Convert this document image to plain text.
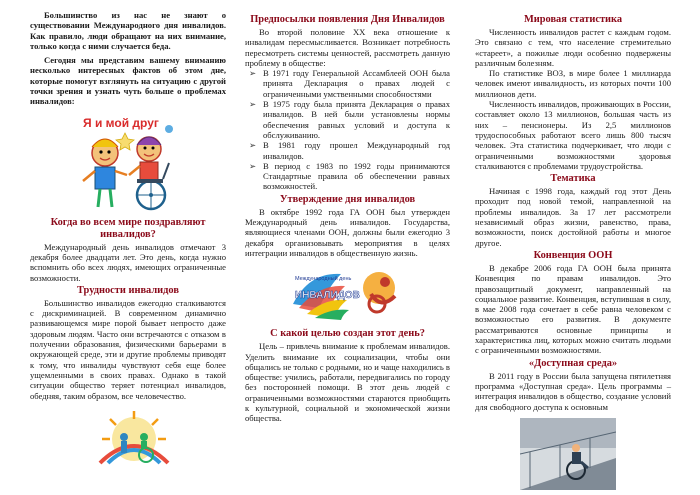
Большинство из нас не знают о существовании Международного дня инвалидов. Как правило, люди обращают на них внимание, только когда с ними случается беда.

Сегодня мы представим вашему вниманию несколько интересных фактов об этом дне, которые помогут взглянуть на ситуацию с другой точки зрения и узнать чуть больше о проблемах инвалидов:

Я и мой друг
Когда во всем мире поздравляют инвалидов?

Международный день инвалидов отмечают 3 декабря более двадцати лет. Это день, когда нужно вспомнить обо всех людях, имеющих ограниченные возможности.

Трудности инвалидов

Большинство инвалидов ежегодно сталкиваются с дискриминацией. В современном динамично развивающемся мире порой бывает непросто даже здоровым людям. Часто они встречаются с отказом в получении образования, физическими барьерами в окружающей среде, эти и другие проблемы приводят к тому, что инвалиды чувствуют себя еще более ущемленными в своих правах. Однако в такой ситуации общество теряет потенциал инвалидов, обедняя, таким образом, все человечество.

Предпосылки появления Дня Инвалидов

Во второй половине XX века отношение к инвалидам пересмысливается. Возникает потребность пересмотреть системы ценностей, рассмотреть данную проблему в обществе:

➢ В 1971 году Генеральной Ассамблеей ООН была принята Декларация о правах людей с ограниченными умственными способностями
➢ В 1975 году была принята Декларация о правах инвалидов. В ней были установлены нормы обеспечения равных условий и доступа к обслуживанию.
➢ В 1981 году прошел Международный год инвалидов.
➢ В период с 1983 по 1992 годы принимаются Стандартные правила об обеспечении равных возможностей.
Утверждение дня инвалидов

В октябре 1992 года ГА ООН был утвержден Международный день инвалидов. Государства, являющиеся членами ООН, должны были ежегодно 3 декабря организовывать мероприятия в целях интеграции инвалидов в общественную жизнь.

Международный день
ИНВАЛИДОВ
С какой целью создан этот день?

Цель – привлечь внимание к проблемам инвалидов. Уделить внимание их социализации, чтобы они общались не только с родными, но и чаще находились в обществе: учились, работали, передвигались по городу без посторонней помощи. В этот день людей с ограниченными возможностями стараются приобщить к культурной, социальной и экономической жизни общества.

Мировая статистика

Численность инвалидов растет с каждым годом. Это связано с тем, что население стремительно «стареет», а пожилые люди особенно подвержены различным болезням.

По статистике ВОЗ, в мире более 1 миллиарда человек имеют инвалидность, из которых почти 100 миллионов дети.

Численность инвалидов, проживающих в России, составляет около 13 миллионов, большая часть из них – пенсионеры. Из 2,5 миллионов трудоспособных работают всего лишь 800 тысяч человек. Эта статистика подчеркивает, что люди с ограниченными возможностями здоровья сталкиваются с проблемами трудоустройства.

Тематика

Начиная с 1998 года, каждый год этот День проходит под новой темой, направленной на проблемы инвалидов. За 17 лет рассмотрели независимый образ жизни, равенство, права, возможности, поиск достойной работы и многое другое.

Конвенция ООН

В декабре 2006 года ГА ООН была принята Конвенция по правам инвалидов. Это правозащитный документ, направленный на социальное развитие. Конвенция, вступившая в силу, в мае 2008 года сочетает в себе равна человеком с возможностью его развития. В документе рассматриваются основные принципы и характеристика лиц, которых можно считать людьми с ограниченными возможностями.

«Доступная среда»

В 2011 году в России была запущена пятилетняя программа «Доступная среда». Цель программы – интеграция инвалидов в общество, создание условий для свободного доступа к основным
